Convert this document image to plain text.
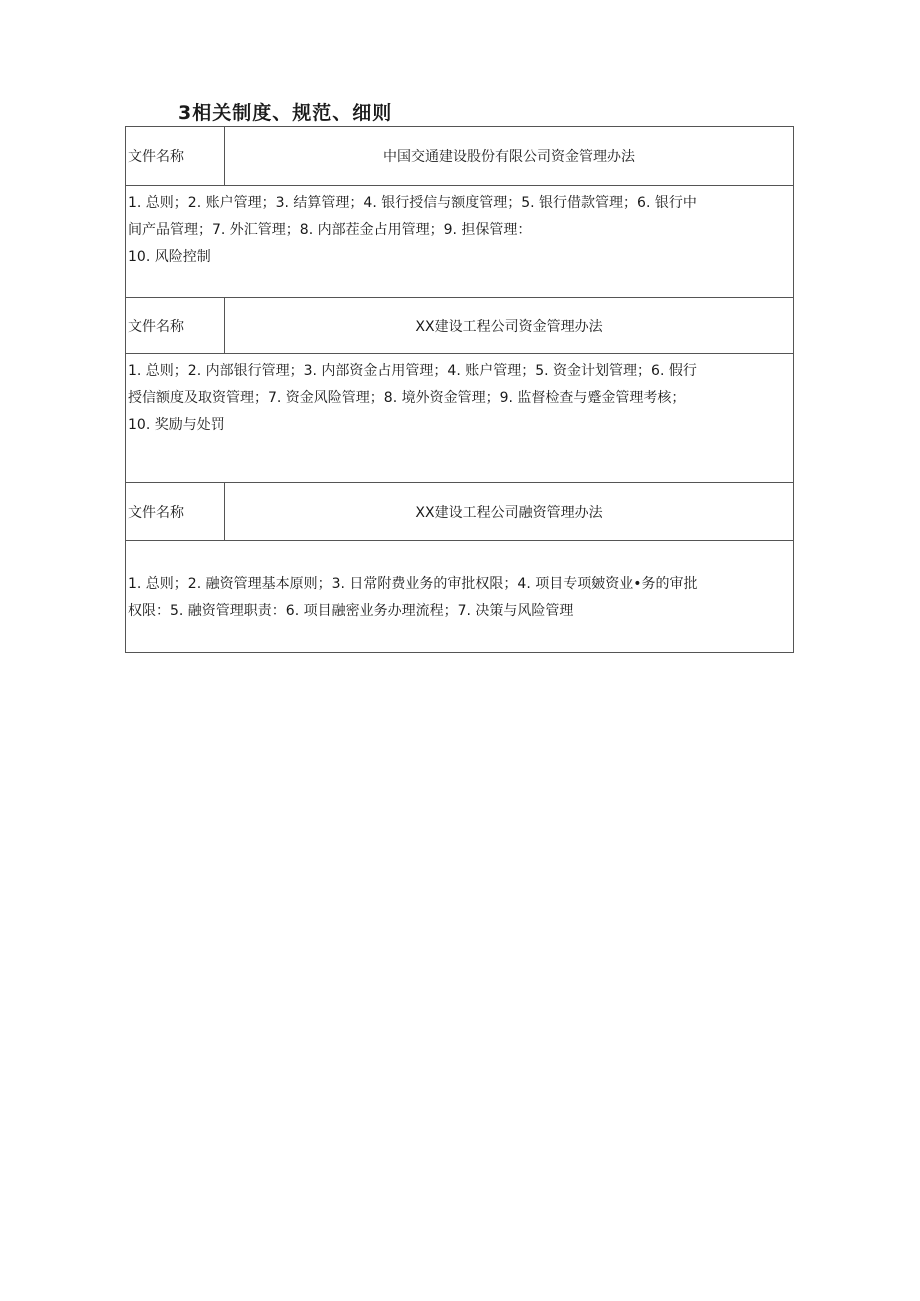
3相关制度、规范、细则
文件名称	中国交通建设股份有限公司资金管理办法

1. 总则；2. 账户管理；3. 结算管理；4. 银行授信与额度管理；5. 银行借款管理；6. 银行中
间产品管理；7. 外汇管理；8. 内部茬金占用管理；9. 担保管理：
10. 风险控制	

文件名称	XX建设工程公司资金管理办法

1. 总则；2. 内部银行管理；3. 内部资金占用管理；4. 账户管理；5. 资金计划管理；6. 假行
授信额度及取资管理；7. 资金风险管理；8. 境外资金管理；9. 监督检查与蹙金管理考核；
10. 奖励与处罚	

文件名称	XX建设工程公司融资管理办法

1. 总则；2. 融资管理基本原则；3. 日常附费业务的审批权限；4. 项目专项皴资业•务的审批
权限：5. 融资管理职责：6. 项目融密业务办理流程；7. 决策与风险管理	
